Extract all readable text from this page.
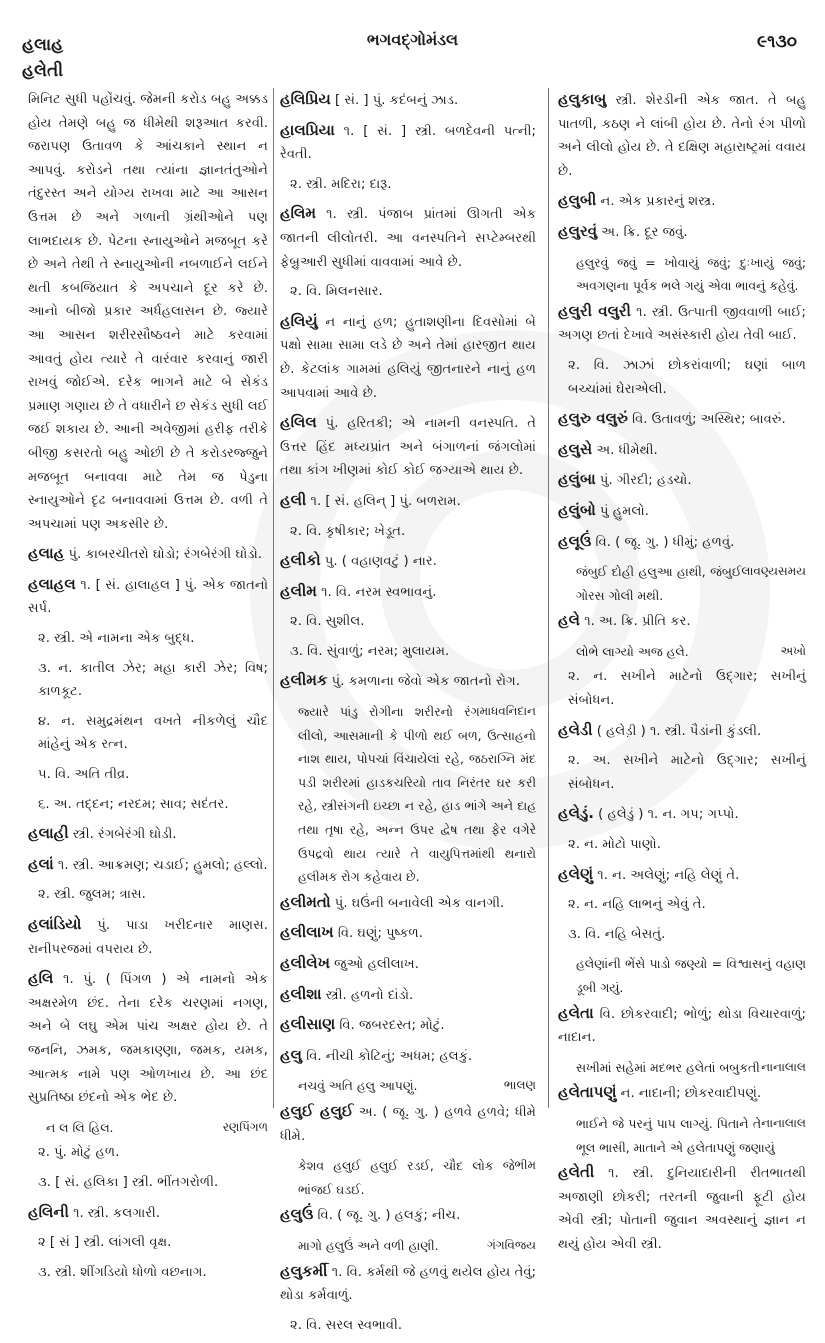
હલાહ
હલેતી
ભગવદ્ગોમંડલ	૯૧૩૦
મિનિટ સુધી પહોંચવું. જેમની કરોડ બહુ અક્કડ હોય તેમણે બહુ જ ધીમેથી શરૂઆત કરવી. જરાપણ ઉતાવળ કે આંચકાને સ્થાન ન આપવું. કરોડને તથા ત્યાંના જ્ઞાનતંતુઓને તંદુરસ્ત અને યોગ્ય રાખવા માટે આ આસન ઉત્તમ છે અને ગળાની ગ્રંથીઓને પણ લાભદાયક છે. પેટના સ્નાયુઓને મજબૂત કરે છે અને તેથી તે સ્નાયુઓની નબળાઈને લઈને થતી કબજિયાત કે અપચાને દૂર કરે છે. આનો બીજો પ્રકાર અર્ધહલાસન છે. જ્યારે આ આસન શરીરસૌષ્ઠવને માટે કરવામાં આવતું હોય ત્યારે તે વારંવાર કરવાનું જારી રાખવું જોઈએ. દરેક ભાગને માટે બે સેકંડ પ્રમાણ ગણાય છે તે વધારીને છ સેકંડ સુધી લઈ જઈ શકાય છે. આની અવેજીમાં હરીફ તરીકે બીજી કસરતો બહુ ઓછી છે તે કરોડરજ્જુને મજબૂત બનાવવા માટે તેમ જ પેડુના સ્નાયુઓને દૃઢ બનાવવામાં ઉત્તમ છે. વળી તે અપચામાં પણ અકસીર છે.
હલાહ પું. કાબરચીતરો ઘોડો; રંગબેરંગી ઘોડો.
હલાહલ ૧. [ સં. હાલાહલ ] પું. એક જાતનો સર્પ.
૨. સ્ત્રી. એ નામના એક બુદ્ધ.
૩. ન. કાતીલ ઝેર; મહા કારી ઝેર; વિષ; કાળકૂટ.
૪. ન. સમુદ્રમંથન વખતે નીકળેલું ચૌદ માંહેનું એક રત્ન.
૫. વિ. અતિ તીવ્ર.
૬. અ. તદ્દન; નરદમ; સાવ; સદંતર.
હલાહી સ્ત્રી. રંગબેરંગી ઘોડી.
હલાં ૧. સ્ત્રી. આક્રમણ; ચડાઈ; હુમલો; હલ્લો.
૨. સ્ત્રી. જુલમ; ત્રાસ.
હલાંડિયો પું. પાડા ખરીદનાર માણસ. રાનીપરજમાં વપરાય છે.
હલિ ૧. પું. ( પિંગળ ) એ નામનો એક અક્ષરમેળ છંદ. તેના દરેક ચરણમાં નગણ, અને બે લઘુ એમ પાંચ અક્ષર હોય છે. તે જનનિ, ઝમક, જમકાણ્ણા, જમક, યમક, આત્મક નામે પણ ઓળખાય છે. આ છંદ સુપ્રતિષ્ઠા છંદનો એક ભેદ છે.
રણપિંગળ
ન લ લિ હિલ.
૨. પું. મોટું હળ.
૩. [ સં. હલિકા ] સ્ત્રી. ભીંતગરોળી.
હલિની ૧. સ્ત્રી. કલગારી.
૨ [ સં ] સ્ત્રી. લાંગલી વૃક્ષ.
૩. સ્ત્રી. શીંગડિયો ધોળો વછનાગ.
હલિપ્રિય [ સં. ] પું. કદંબનું ઝાડ.
હાલપ્રિયા ૧. [ સં. ] સ્ત્રી. બળદેવની પત્ની; રેવતી.
૨. સ્ત્રી. મદિરા; દારૂ.
હલિમ ૧. સ્ત્રી. પંજાબ પ્રાંતમાં ઊગતી એક જાતની લીલોતરી. આ વનસ્પતિને સપ્ટેમ્બરથી ફેબ્રુઆરી સુધીમાં વાવવામાં આવે છે.
૨. વિ. મિલનસાર.
હલિયું ન નાનું હળ; હુતાશણીના દિવસોમાં બે પક્ષો સામા સામા લડે છે અને તેમાં હારજીત થાય છે. કેટલાંક ગામમાં હલિયું જીતનારને નાનું હળ આપવામાં આવે છે.
હલિલ પું. હરિતકી; એ નામની વનસ્પતિ. તે ઉત્તર હિંદ મધ્યપ્રાંત અને બંગાળનાં જંગલોમાં તથા કાંગ ખીણમાં કોઈ કોઈ જગ્યાએ થાય છે.
હલી ૧. [ સં. હલિન્ ] પું. બળરામ.
૨. વિ. કૃષીકાર; ખેડૂત.
હલીકો પુ. ( વહાણવટું ) નાર.
હલીમ ૧. વિ. નરમ સ્વભાવનું.
૨. વિ. સુશીલ.
૩. વિ. સુંવાળું; નરમ; મુલાયમ.
હલીમક પું. કમળાના જેવો એક જાતનો રોગ.
માધવનિદાન
જ્યારે પાંડુ રોગીના શરીરનો રંગ લીલો, આસમાની કે પીળો થઈ બળ, ઉત્સાહનો નાશ થાય, પોપચાં વિંચાયેલાં રહે, જઠરાગ્નિ મંદ પડી શરીરમાં હાડકચરિયો તાવ નિરંતર ઘર કરી રહે, સ્ત્રીસંગની ઇચ્છા ન રહે, હાડ ભાંગે અને દાહ તથા તૃષા રહે, અન્ન ઉપર દ્વેષ તથા ફેર વગેરે ઉપદ્રવો થાય ત્યારે તે વાયુપિત્તમાંથી થનારો હલીમક રોગ કહેવાય છે.
હલીમતો પું. ઘઉંની બનાવેલી એક વાનગી.
હલીલાખ વિ. ઘણું; પુષ્કળ.
હલીલેખ જુઓ હલીલાખ.
હલીશા સ્ત્રી. હળનો દાંડો.
હલીસાણ વિ. જબરદસ્ત; મોટું.
હલુ વિ. નીચી કોટિનું; અધમ; હલકું.
ભાલણ
નચવું અતિ હલુ આપણું.
હલુઈ હલુઈ અ. ( જૂ. ગુ. ) હળવે હળવે; ધીમે ધીમે.
ભીમ
કેશવ હલુઈ હલુઈ રડઈ, ચૌદ લોક જે ભાંજઈ ઘડઈ.
હલુઉં વિ. ( જૂ. ગુ. ) હલકું; નીચ.
ગંગવિજય
માગો હલુઉં અને વળી હાણી.
હલુકર્મી ૧. વિ. કર્મથી જે હળવું થયેલ હોય તેવું; થોડા કર્મવાળું.
૨. વિ. સરલ સ્વભાવી.
હલુકાબુ સ્ત્રી. શેરડીની એક જાત. તે બહુ પાતળી, કઠણ ને લાંબી હોય છે. તેનો રંગ પીળો અને લીલો હોય છે. તે દક્ષિણ મહારાષ્ટ્રમાં વવાય છે.
હલુબી ન. એક પ્રકારનું શસ્ત્ર.
હલુરવું અ. ક્રિ. દૂર જવું.
હલુરવું જવું = ખોવાયું જવું; દુઃખાયું જવું; અવગણના પૂર્વક ભલે ગયું એવા ભાવનું કહેવું.
હલુરી વલુરી ૧. સ્ત્રી. ઉત્પાતી જીવવાળી બાઈ; અગણ છતાં દેખાવે અસંસ્કારી હોય તેવી બાઈ.
૨. વિ. ઝાઝાં છોકરાંવાળી; ઘણાં બાળ બચ્ચાંમાં ઘેરાએલી.
હલુરુ વલુરું વિ. ઉતાવળું; અસ્થિર; બાવરું.
હલુસે અ. ધીમેથી.
હલુંબા પું. ગીરદી; હડચો.
હલુંબો પું હુમલો.
હલૂઉં વિ. ( જૂ. ગુ. ) ધીમું; હળવું.
લાવણ્યસમય
જંબુઈ દોહી હલુઆ હાથી, જંબુઈ ગોરસ ગોલી મથી.
હલે ૧. અ. ક્રિ. પ્રીતિ કર.
અખો
લોભે લાગ્યો અજ હલે.
૨. ન. સખીને માટેનો ઉદ્ગાર; સખીનું સંબોધન.
હલેડી ( હલેડ઼ી ) ૧. સ્ત્રી. પૈડાંની કુંડલી.
૨. અ. સખીને માટેનો ઉદ્ગાર; સખીનું સંબોધન.
હલેડું. ( હલેડું ) ૧. ન. ગપ; ગપ્પો.
૨. ન. મોટો પાણો.
હલેણું ૧. ન. અલેણું; નહિ લેણું તે.
૨. ન. નહિ લાભનું એવું તે.
૩. વિ. નહિ બેસતું.
હલેણાંની ભેંસે પાડો જણ્યો = વિશ્વાસનું વહાણ ડૂબી ગયું.
હલેતા વિ. છોકરવાદી; ભોળું; થોડા વિચારવાળું; નાદાન.
નાનાલાલ
સખીમાં સહેમાં મદભર હલેતાં બબુકતી
હલેતાપણું ન. નાદાની; છોકરવાદીપણું.
નાનાલાલ
ભાઈને જે પરનું પાપ લાગ્યું. પિતાને તે ભૂલ ભાસી, માતાને એ હલેતાપણું જણાયું
હલેતી ૧. સ્ત્રી. દુનિયાદારીની રીતભાતથી અજાણી છોકરી; તરતની જુવાની ફૂટી હોય એવી સ્ત્રી; પોતાની જુવાન અવસ્થાનું જ્ઞાન ન થયું હોય એવી સ્ત્રી.
